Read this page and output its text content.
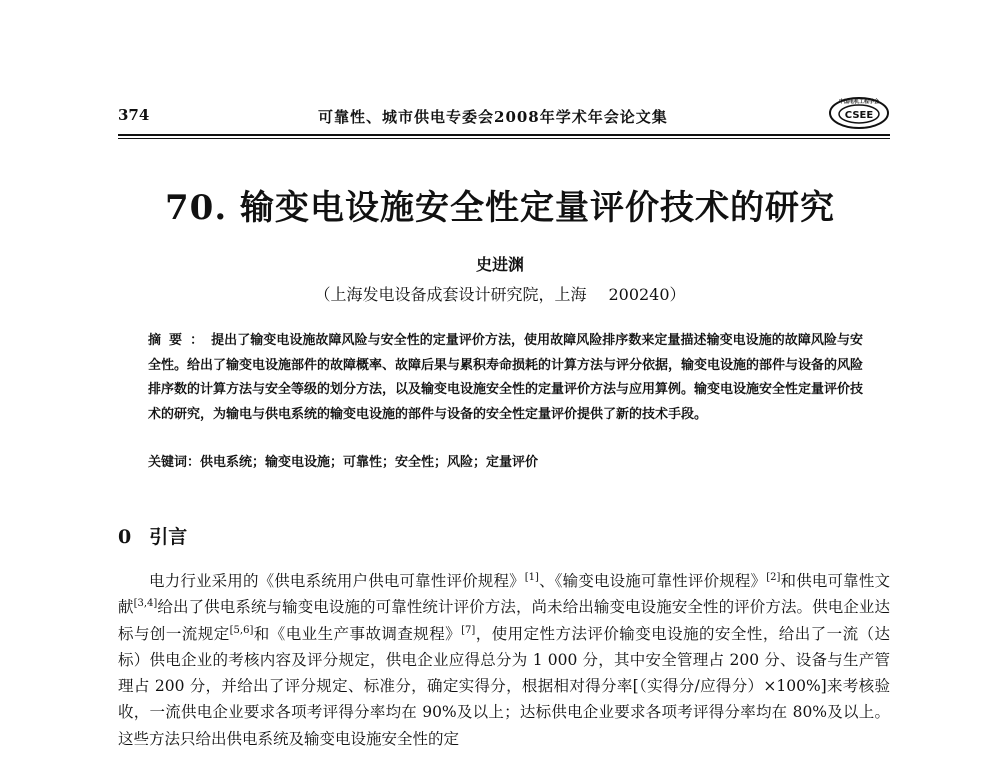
374	可靠性、城市供电专委会2008年学术年会论文集
中国电机工程学会
CSEE
70. 输变电设施安全性定量评价技术的研究
史进渊
（上海发电设备成套设计研究院，上海 200240）
摘要：提出了输变电设施故障风险与安全性的定量评价方法，使用故障风险排序数来定量描述输变电设施的故障风险与安全性。给出了输变电设施部件的故障概率、故障后果与累积寿命损耗的计算方法与评分依据，输变电设施的部件与设备的风险排序数的计算方法与安全等级的划分方法，以及输变电设施安全性的定量评价方法与应用算例。输变电设施安全性定量评价技术的研究，为输电与供电系统的输变电设施的部件与设备的安全性定量评价提供了新的技术手段。
关键词：供电系统；输变电设施；可靠性；安全性；风险；定量评价
0 引言

电力行业采用的《供电系统用户供电可靠性评价规程》[1]、《输变电设施可靠性评价规程》[2]和供电可靠性文献[3,4]给出了供电系统与输变电设施的可靠性统计评价方法，尚未给出输变电设施安全性的评价方法。供电企业达标与创一流规定[5,6]和《电业生产事故调查规程》[7]，使用定性方法评价输变电设施的安全性，给出了一流（达标）供电企业的考核内容及评分规定，供电企业应得总分为 1 000 分，其中安全管理占 200 分、设备与生产管理占 200 分，并给出了评分规定、标准分，确定实得分，根据相对得分率[（实得分/应得分）×100%]来考核验收，一流供电企业要求各项考评得分率均在 90%及以上；达标供电企业要求各项考评得分率均在 80%及以上。这些方法只给出供电系统及输变电设施安全性的定
